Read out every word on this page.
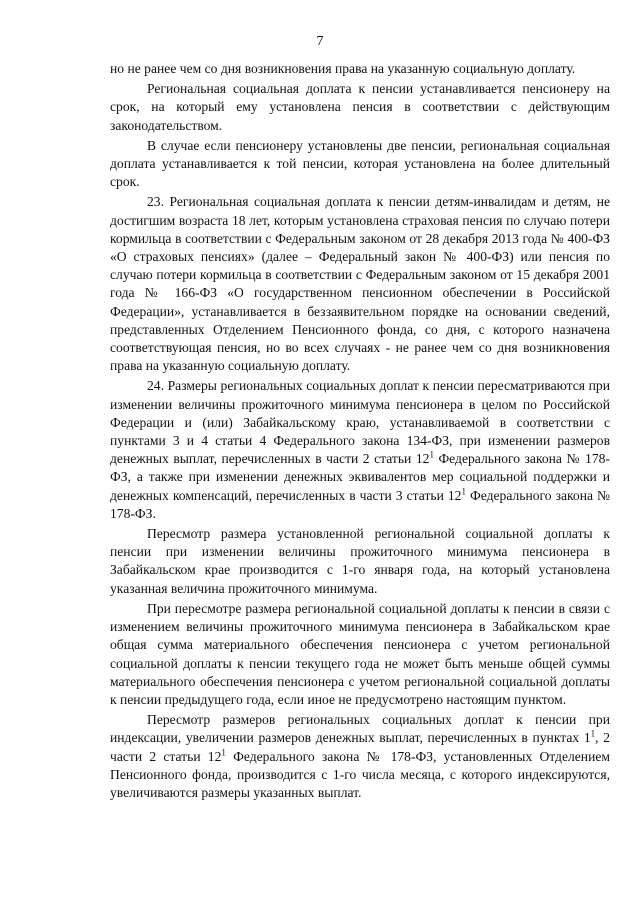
7

но не ранее чем со дня возникновения права на указанную социальную доплату.

Региональная социальная доплата к пенсии устанавливается пенсионеру на срок, на который ему установлена пенсия в соответствии с действующим законодательством.

В случае если пенсионеру установлены две пенсии, региональная социальная доплата устанавливается к той пенсии, которая установлена на более длительный срок.

23. Региональная социальная доплата к пенсии детям-инвалидам и детям, не достигшим возраста 18 лет, которым установлена страховая пенсия по случаю потери кормильца в соответствии с Федеральным законом от 28 декабря 2013 года № 400-ФЗ «О страховых пенсиях» (далее – Федеральный закон № 400-ФЗ) или пенсия по случаю потери кормильца в соответствии с Федеральным законом от 15 декабря 2001 года № 166-ФЗ «О государственном пенсионном обеспечении в Российской Федерации», устанавливается в беззаявительном порядке на основании сведений, представленных Отделением Пенсионного фонда, со дня, с которого назначена соответствующая пенсия, но во всех случаях - не ранее чем со дня возникновения права на указанную социальную доплату.

24. Размеры региональных социальных доплат к пенсии пересматриваются при изменении величины прожиточного минимума пенсионера в целом по Российской Федерации и (или) Забайкальскому краю, устанавливаемой в соответствии с пунктами 3 и 4 статьи 4 Федерального закона 134-ФЗ, при изменении размеров денежных выплат, перечисленных в части 2 статьи $12^1$ Федерального закона № 178-ФЗ, а также при изменении денежных эквивалентов мер социальной поддержки и денежных компенсаций, перечисленных в части 3 статьи $12^1$ Федерального закона № 178-ФЗ.

Пересмотр размера установленной региональной социальной доплаты к пенсии при изменении величины прожиточного минимума пенсионера в Забайкальском крае производится с 1-го января года, на который установлена указанная величина прожиточного минимума.

При пересмотре размера региональной социальной доплаты к пенсии в связи с изменением величины прожиточного минимума пенсионера в Забайкальском крае общая сумма материального обеспечения пенсионера с учетом региональной социальной доплаты к пенсии текущего года не может быть меньше общей суммы материального обеспечения пенсионера с учетом региональной социальной доплаты к пенсии предыдущего года, если иное не предусмотрено настоящим пунктом.

Пересмотр размеров региональных социальных доплат к пенсии при индексации, увеличении размеров денежных выплат, перечисленных в пунктах $1^1$, 2 части 2 статьи $12^1$ Федерального закона № 178-ФЗ, установленных Отделением Пенсионного фонда, производится с 1-го числа месяца, с которого индексируются, увеличиваются размеры указанных выплат.
